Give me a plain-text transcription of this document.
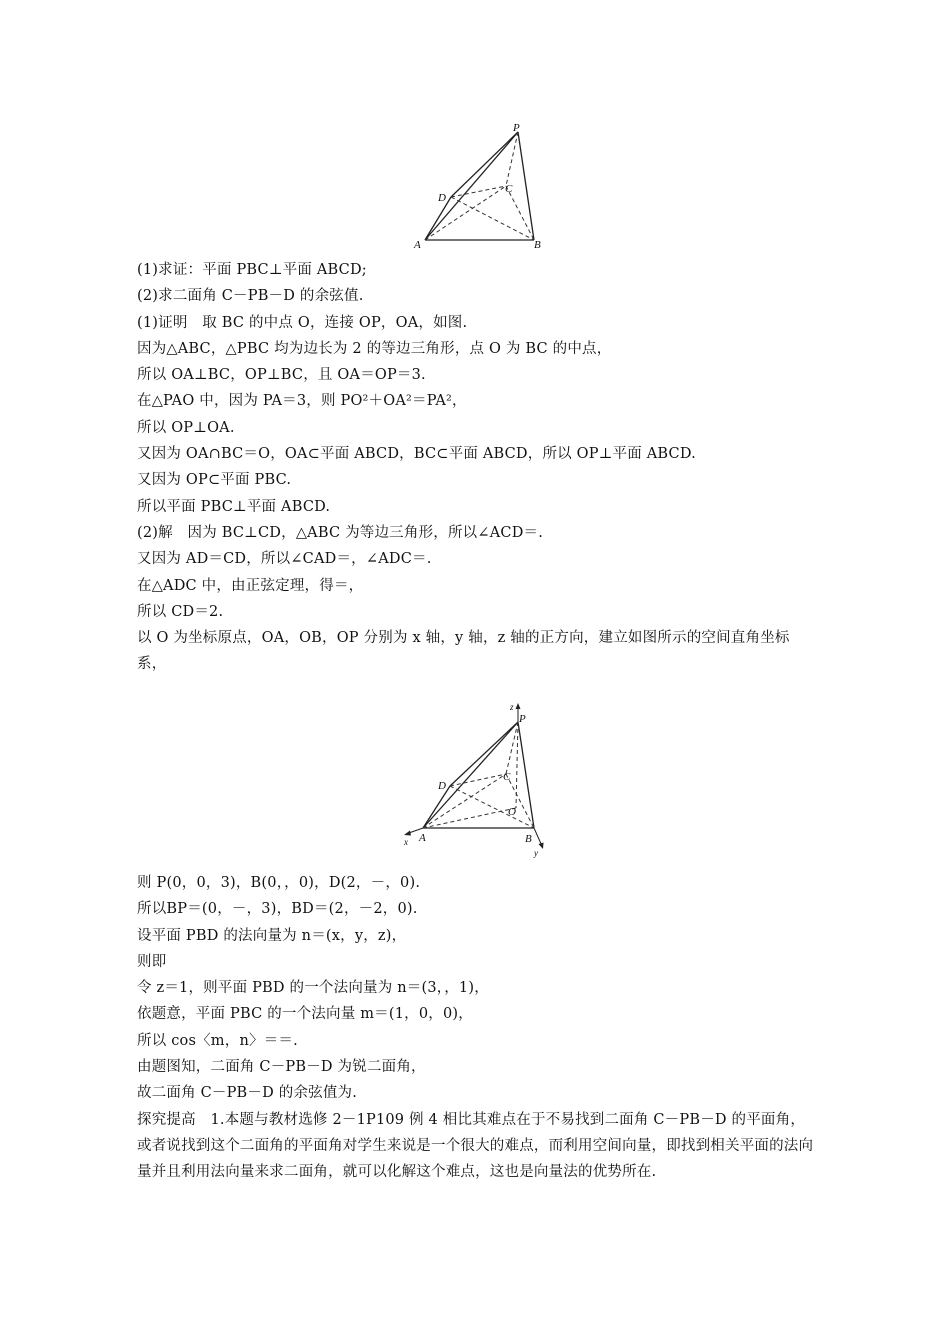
P
C
D
A	B
(1)求证：平面 PBC⊥平面 ABCD;
(2)求二面角 C－PB－D 的余弦值.
(1)证明　取 BC 的中点 O，连接 OP，OA，如图.
因为△ABC，△PBC 均为边长为 2 的等边三角形，点 O 为 BC 的中点，
所以 OA⊥BC，OP⊥BC，且 OA＝OP＝3.
在△PAO 中，因为 PA＝3，则 PO²＋OA²＝PA²，
所以 OP⊥OA.
又因为 OA∩BC＝O，OA⊂平面 ABCD，BC⊂平面 ABCD，所以 OP⊥平面 ABCD.
又因为 OP⊂平面 PBC.
所以平面 PBC⊥平面 ABCD.
(2)解　因为 BC⊥CD，△ABC 为等边三角形，所以∠ACD＝.
又因为 AD＝CD，所以∠CAD＝，∠ADC＝.
在△ADC 中，由正弦定理，得＝，
所以 CD＝2.
以 O 为坐标原点，OA，OB，OP 分别为 x 轴，y 轴，z 轴的正方向，建立如图所示的空间直角坐标系，
z
P
C
D
O
A	B
x
y
则 P(0，0，3)，B(0，，0)，D(2，－，0).
所以BP＝(0，－，3)，BD＝(2，－2，0).
设平面 PBD 的法向量为 n＝(x，y，z)，
则即
令 z＝1，则平面 PBD 的一个法向量为 n＝(3，，1)，
依题意，平面 PBC 的一个法向量 m＝(1，0，0)，
所以 cos〈m，n〉＝＝.
由题图知，二面角 C－PB－D 为锐二面角，
故二面角 C－PB－D 的余弦值为.
探究提高　1.本题与教材选修 2－1P109 例 4 相比其难点在于不易找到二面角 C－PB－D 的平面角，或者说找到这个二面角的平面角对学生来说是一个很大的难点，而利用空间向量，即找到相关平面的法向量并且利用法向量来求二面角，就可以化解这个难点，这也是向量法的优势所在.
